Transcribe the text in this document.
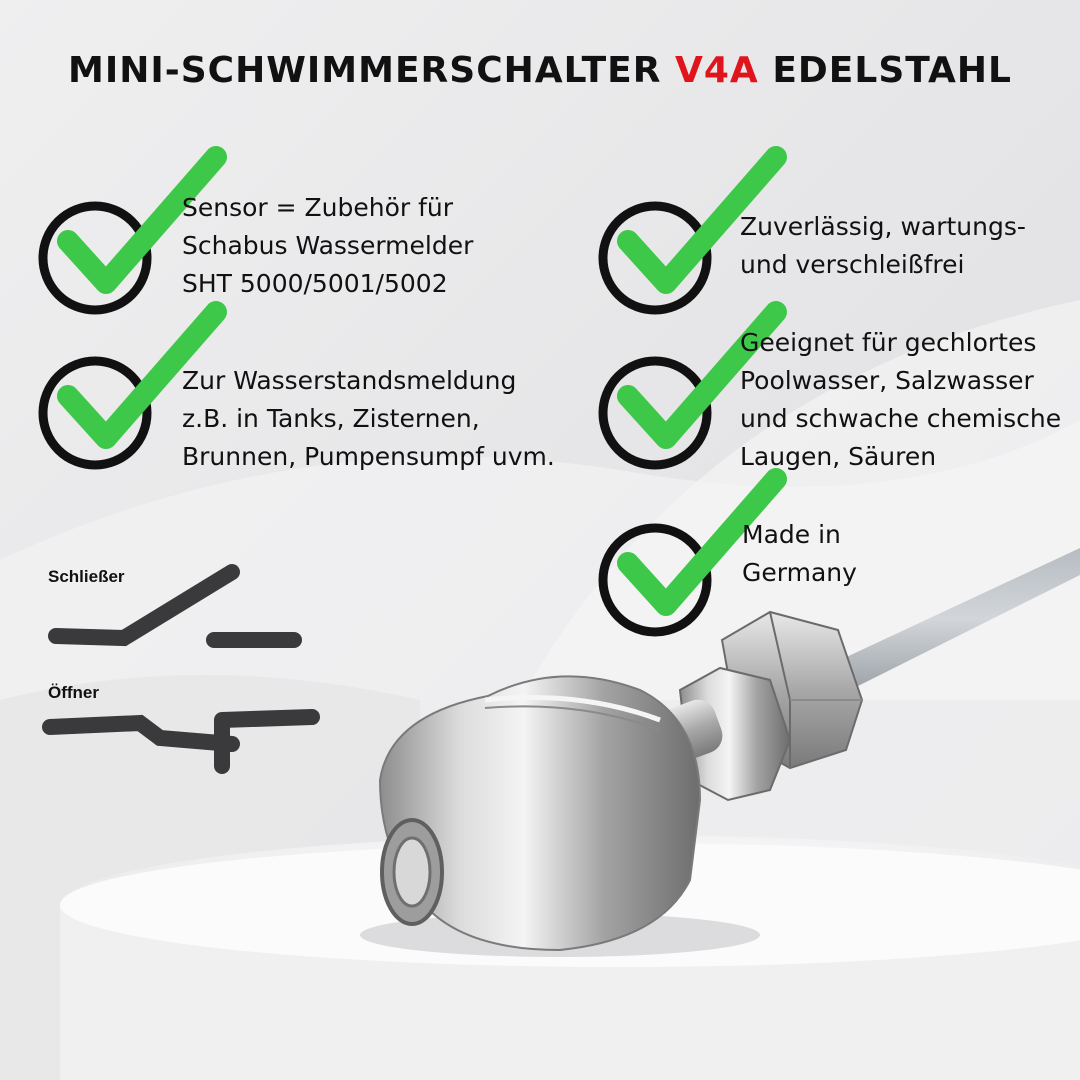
MINI-SCHWIMMERSCHALTER V4A EDELSTAHL
Sensor = Zubehör für
Schabus Wassermelder
SHT 5000/5001/5002
Zur Wasserstandsmeldung
z.B. in Tanks, Zisternen,
Brunnen, Pumpensumpf uvm.
Zuverlässig, wartungs-
und verschleißfrei
Geeignet für gechlortes
Poolwasser, Salzwasser
und schwache chemische
Laugen, Säuren
Made in
Germany
Schließer
Öffner
